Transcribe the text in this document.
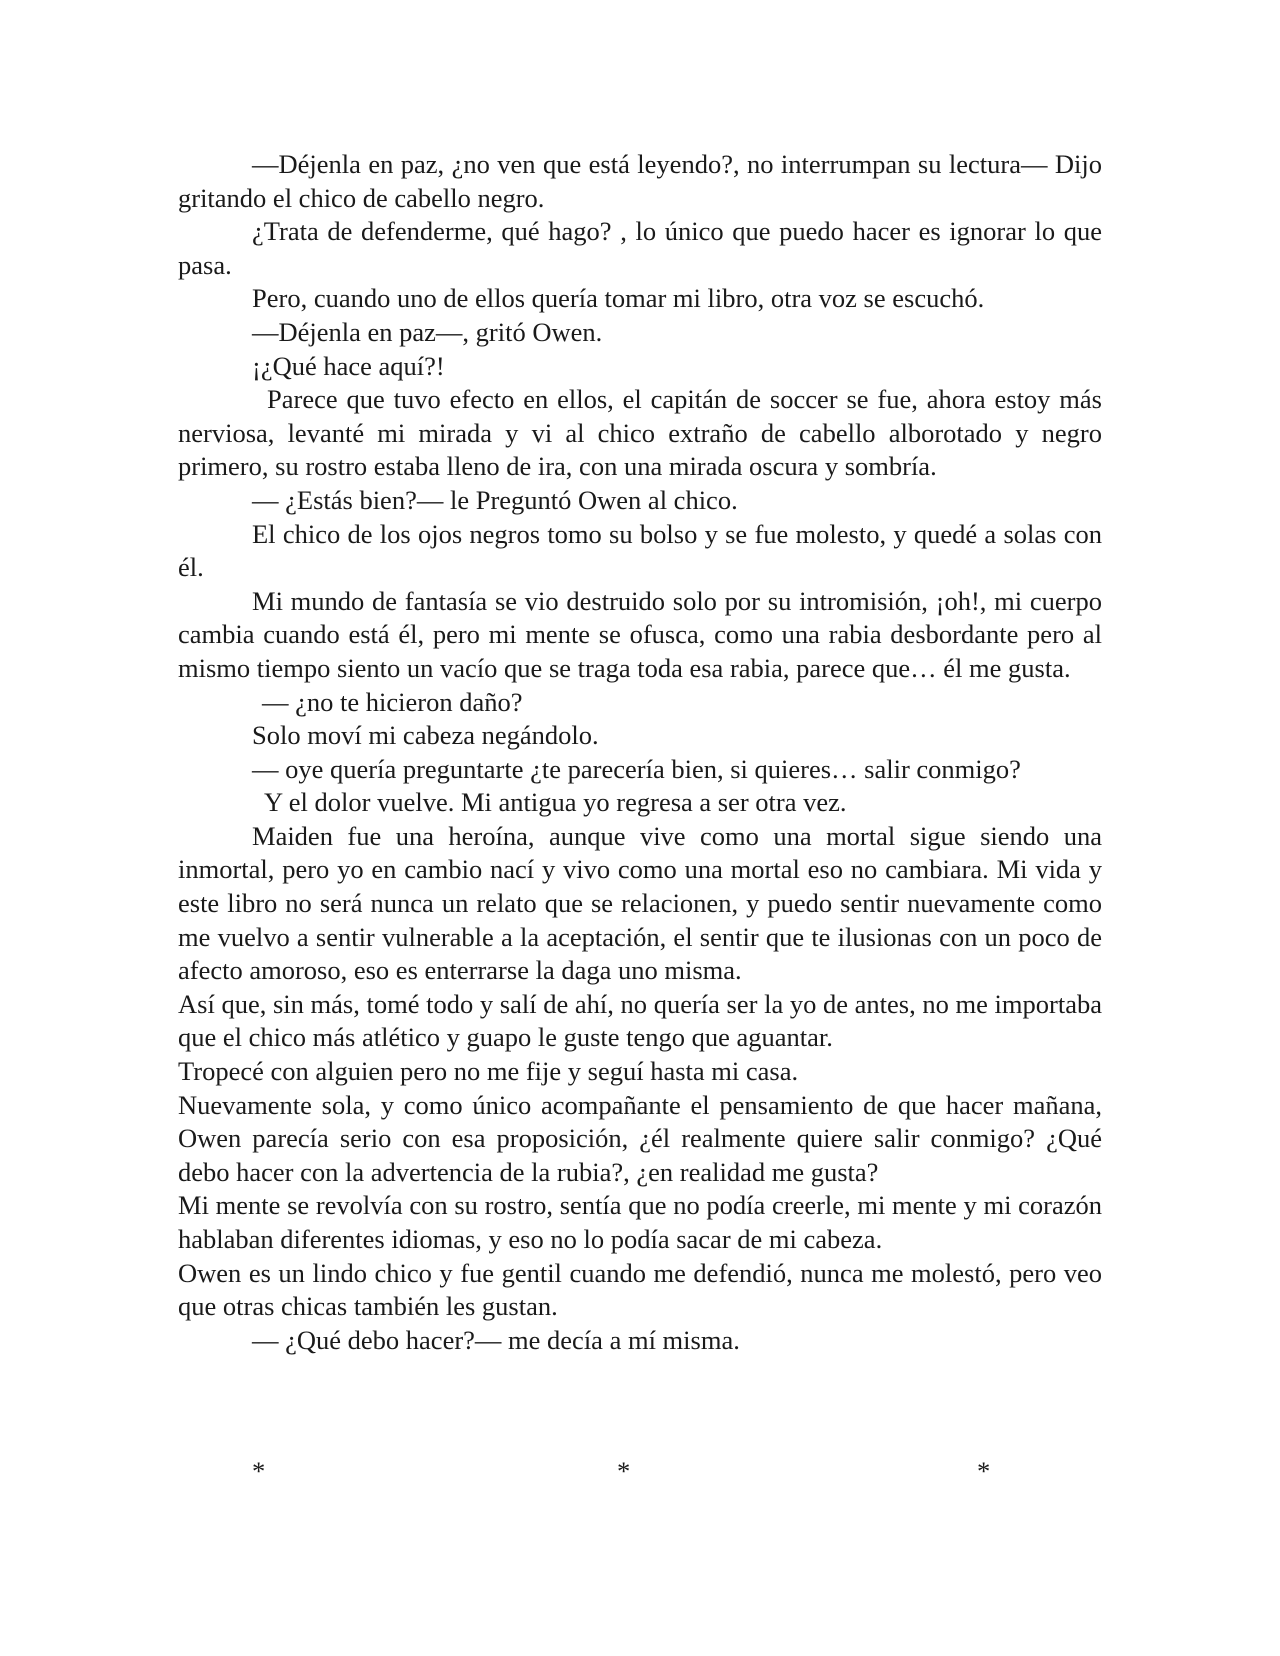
—Déjenla en paz, ¿no ven que está leyendo?, no interrumpan su lectura— Dijo gritando el chico de cabello negro.

¿Trata de defenderme, qué hago? , lo único que puedo hacer es ignorar lo que pasa.

Pero, cuando uno de ellos quería tomar mi libro, otra voz se escuchó.

—Déjenla en paz—, gritó Owen.

¡¿Qué hace aquí?!

Parece que tuvo efecto en ellos, el capitán de soccer se fue, ahora estoy más nerviosa, levanté mi mirada y vi al chico extraño de cabello alborotado y negro primero, su rostro estaba lleno de ira, con una mirada oscura y sombría.

— ¿Estás bien?— le Preguntó Owen al chico.

El chico de los ojos negros tomo su bolso y se fue molesto, y quedé a solas con él.

Mi mundo de fantasía se vio destruido solo por su intromisión, ¡oh!, mi cuerpo cambia cuando está él, pero mi mente se ofusca, como una rabia desbordante pero al mismo tiempo siento un vacío que se traga toda esa rabia, parece que… él me gusta.

— ¿no te hicieron daño?

Solo moví mi cabeza negándolo.

— oye quería preguntarte ¿te parecería bien, si quieres… salir conmigo?

Y el dolor vuelve. Mi antigua yo regresa a ser otra vez.

Maiden fue una heroína, aunque vive como una mortal sigue siendo una inmortal, pero yo en cambio nací y vivo como una mortal eso no cambiara. Mi vida y este libro no será nunca un relato que se relacionen, y puedo sentir nuevamente como me vuelvo a sentir vulnerable a la aceptación, el sentir que te ilusionas con un poco de afecto amoroso, eso es enterrarse la daga uno misma.

Así que, sin más, tomé todo y salí de ahí, no quería ser la yo de antes, no me importaba que el chico más atlético y guapo le guste tengo que aguantar.

Tropecé con alguien pero no me fije y seguí hasta mi casa.

Nuevamente sola, y como único acompañante el pensamiento de que hacer mañana, Owen parecía serio con esa proposición, ¿él realmente quiere salir conmigo? ¿Qué debo hacer con la advertencia de la rubia?, ¿en realidad me gusta?

Mi mente se revolvía con su rostro, sentía que no podía creerle, mi mente y mi corazón hablaban diferentes idiomas, y eso no lo podía sacar de mi cabeza.

Owen es un lindo chico y fue gentil cuando me defendió, nunca me molestó, pero veo que otras chicas también les gustan.

— ¿Qué debo hacer?— me decía a mí misma.

*	*	*
